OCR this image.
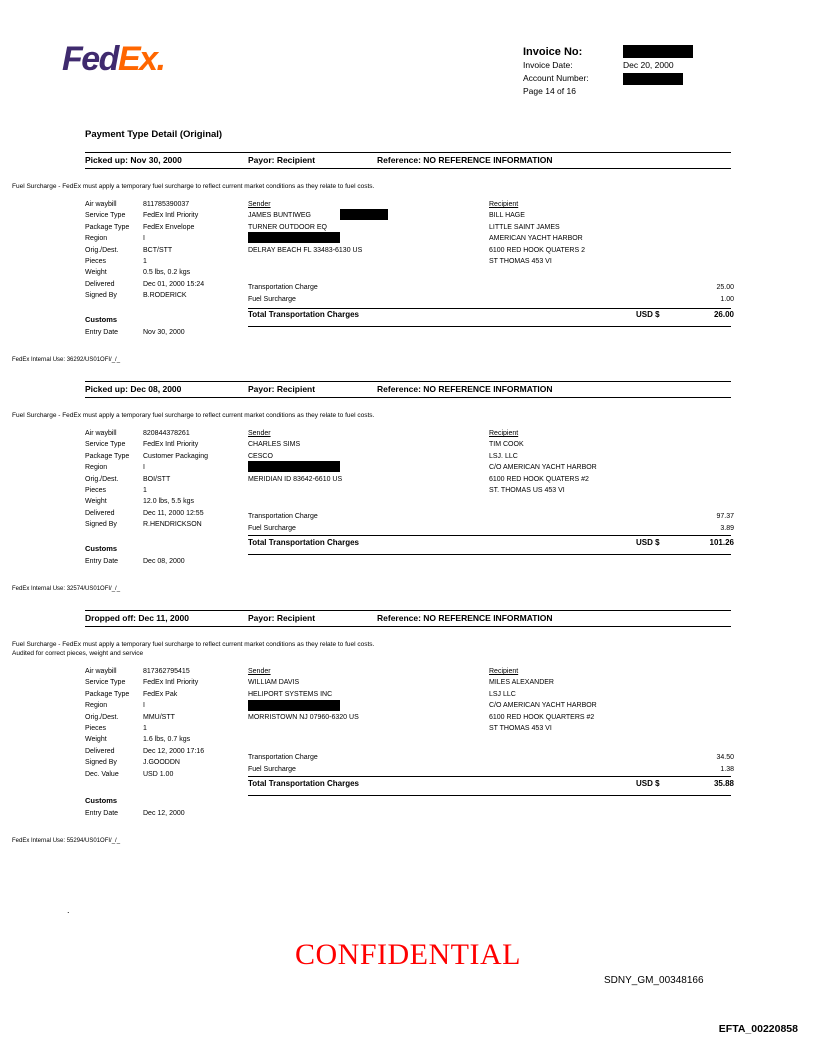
FedEx.	Invoice No:
Invoice Date:	Dec 20, 2000
Account Number:
Page 14 of 16
Payment Type Detail (Original)
Picked up: Nov 30, 2000	Payor: Recipient	Reference: NO REFERENCE INFORMATION
Fuel Surcharge - FedEx must apply a temporary fuel surcharge to reflect current market conditions as they relate to fuel costs.
Air waybill	811785390037
Service Type	FedEx Intl Priority
Package Type	FedEx Envelope
Region	I
Orig./Dest.	BCT/STT
Pieces	1
Weight	0.5 lbs, 0.2 kgs
Delivered	Dec 01, 2000 15:24
Signed By	B.RODERICK
Sender
JAMES BUNTIWEG
TURNER OUTDOOR EQ

DELRAY BEACH FL 33483-6130 US
Recipient
BILL HAGE
LITTLE SAINT JAMES
AMERICAN YACHT HARBOR
6100 RED HOOK QUATERS 2
ST THOMAS 453 VI
Transportation Charge	25.00
Fuel Surcharge	1.00
Total Transportation Charges	USD $	26.00
Customs
Entry Date	Nov 30, 2000
FedEx Internal Use: 36292/US01OFI/_/_
Picked up: Dec 08, 2000	Payor: Recipient	Reference: NO REFERENCE INFORMATION
Fuel Surcharge - FedEx must apply a temporary fuel surcharge to reflect current market conditions as they relate to fuel costs.
Air waybill	820844378261
Service Type	FedEx Intl Priority
Package Type	Customer Packaging
Region	I
Orig./Dest.	BOI/STT
Pieces	1
Weight	12.0 lbs, 5.5 kgs
Delivered	Dec 11, 2000 12:55
Signed By	R.HENDRICKSON
Sender
CHARLES SIMS
CESCO

MERIDIAN ID 83642-6610 US
Recipient
TIM COOK
LSJ. LLC
C/O AMERICAN YACHT HARBOR
6100 RED HOOK QUATERS #2
ST. THOMAS US 453 VI
Transportation Charge	97.37
Fuel Surcharge	3.89
Total Transportation Charges	USD $	101.26
Customs
Entry Date	Dec 08, 2000
FedEx Internal Use: 32574/US01OFI/_/_
Dropped off: Dec 11, 2000	Payor: Recipient	Reference: NO REFERENCE INFORMATION
Fuel Surcharge - FedEx must apply a temporary fuel surcharge to reflect current market conditions as they relate to fuel costs.
Audited for correct pieces, weight and service
Air waybill	817362795415
Service Type	FedEx Intl Priority
Package Type	FedEx Pak
Region	I
Orig./Dest.	MMU/STT
Pieces	1
Weight	1.6 lbs, 0.7 kgs
Delivered	Dec 12, 2000 17:16
Signed By	J.GOODDN
Dec. Value	USD 1.00
Sender
WILLIAM DAVIS
HELIPORT SYSTEMS INC

MORRISTOWN NJ 07960-6320 US
Recipient
MILES ALEXANDER
LSJ LLC
C/O AMERICAN YACHT HARBOR
6100 RED HOOK QUARTERS #2
ST THOMAS 453 VI
Transportation Charge	34.50
Fuel Surcharge	1.38
Total Transportation Charges	USD $	35.88
Customs
Entry Date	Dec 12, 2000
FedEx Internal Use: 55294/US01OFI/_/_
.
CONFIDENTIAL
SDNY_GM_00348166
EFTA_00220858
